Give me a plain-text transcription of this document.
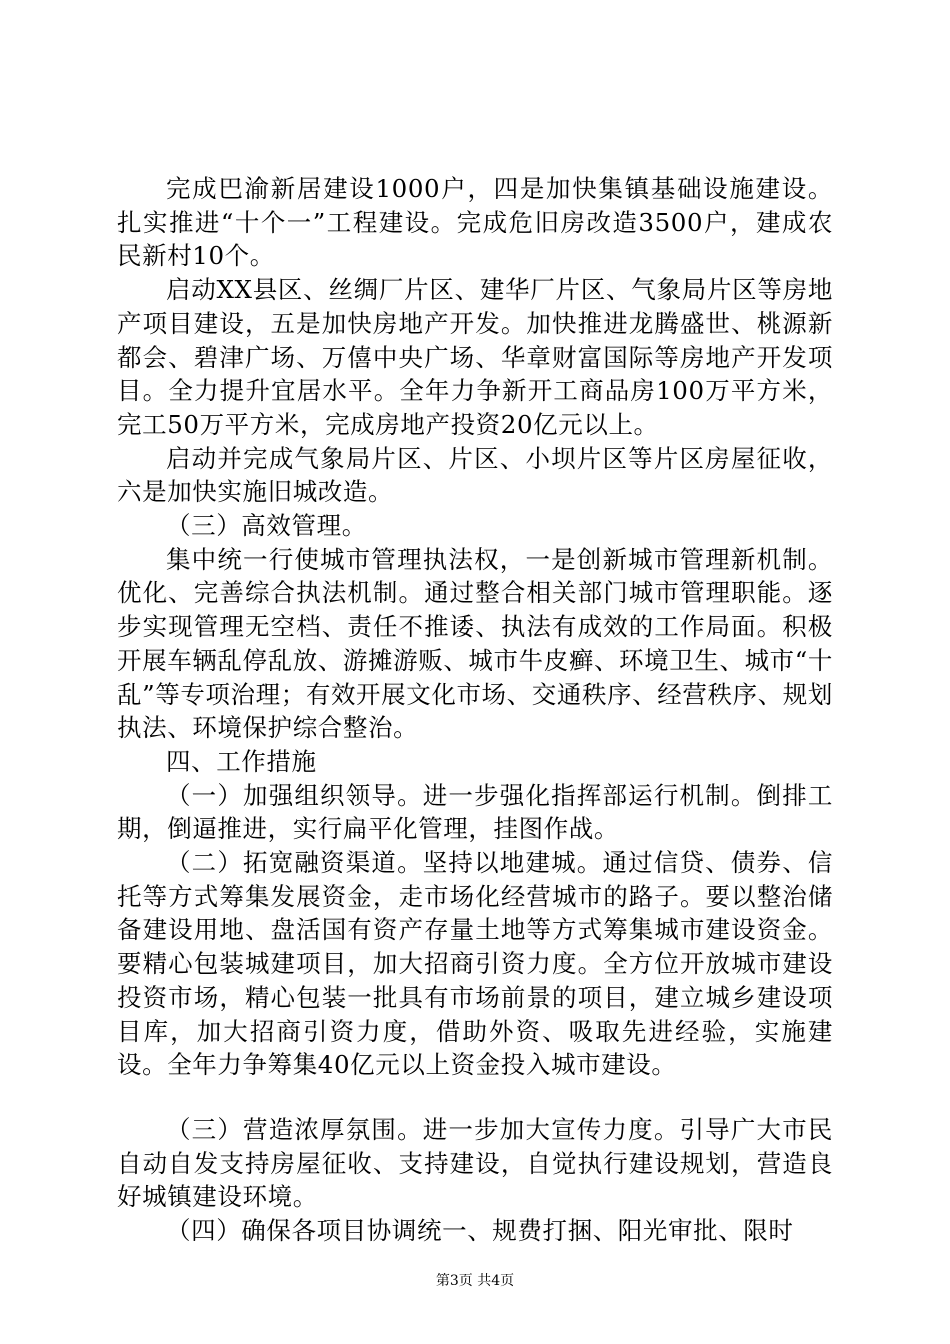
完成巴渝新居建设1000户，四是加快集镇基础设施建设。扎实推进“十个一”工程建设。完成危旧房改造3500户，建成农民新村10个。

启动XX县区、丝绸厂片区、建华厂片区、气象局片区等房地产项目建设，五是加快房地产开发。加快推进龙腾盛世、桃源新都会、碧津广场、万僖中央广场、华章财富国际等房地产开发项目。全力提升宜居水平。全年力争新开工商品房100万平方米，完工50万平方米，完成房地产投资20亿元以上。

启动并完成气象局片区、片区、小坝片区等片区房屋征收，六是加快实施旧城改造。

（三）高效管理。

集中统一行使城市管理执法权，一是创新城市管理新机制。优化、完善综合执法机制。通过整合相关部门城市管理职能。逐步实现管理无空档、责任不推诿、执法有成效的工作局面。积极开展车辆乱停乱放、游摊游贩、城市牛皮癣、环境卫生、城市“十乱”等专项治理；有效开展文化市场、交通秩序、经营秩序、规划执法、环境保护综合整治。

四、工作措施

（一）加强组织领导。进一步强化指挥部运行机制。倒排工期，倒逼推进，实行扁平化管理，挂图作战。

（二）拓宽融资渠道。坚持以地建城。通过信贷、债券、信托等方式筹集发展资金，走市场化经营城市的路子。要以整治储备建设用地、盘活国有资产存量土地等方式筹集城市建设资金。要精心包装城建项目，加大招商引资力度。全方位开放城市建设投资市场，精心包装一批具有市场前景的项目，建立城乡建设项目库，加大招商引资力度，借助外资、吸取先进经验，实施建设。全年力争筹集40亿元以上资金投入城市建设。

（三）营造浓厚氛围。进一步加大宣传力度。引导广大市民自动自发支持房屋征收、支持建设，自觉执行建设规划，营造良好城镇建设环境。

（四）确保各项目协调统一、规费打捆、阳光审批、限时

第3页 共4页
